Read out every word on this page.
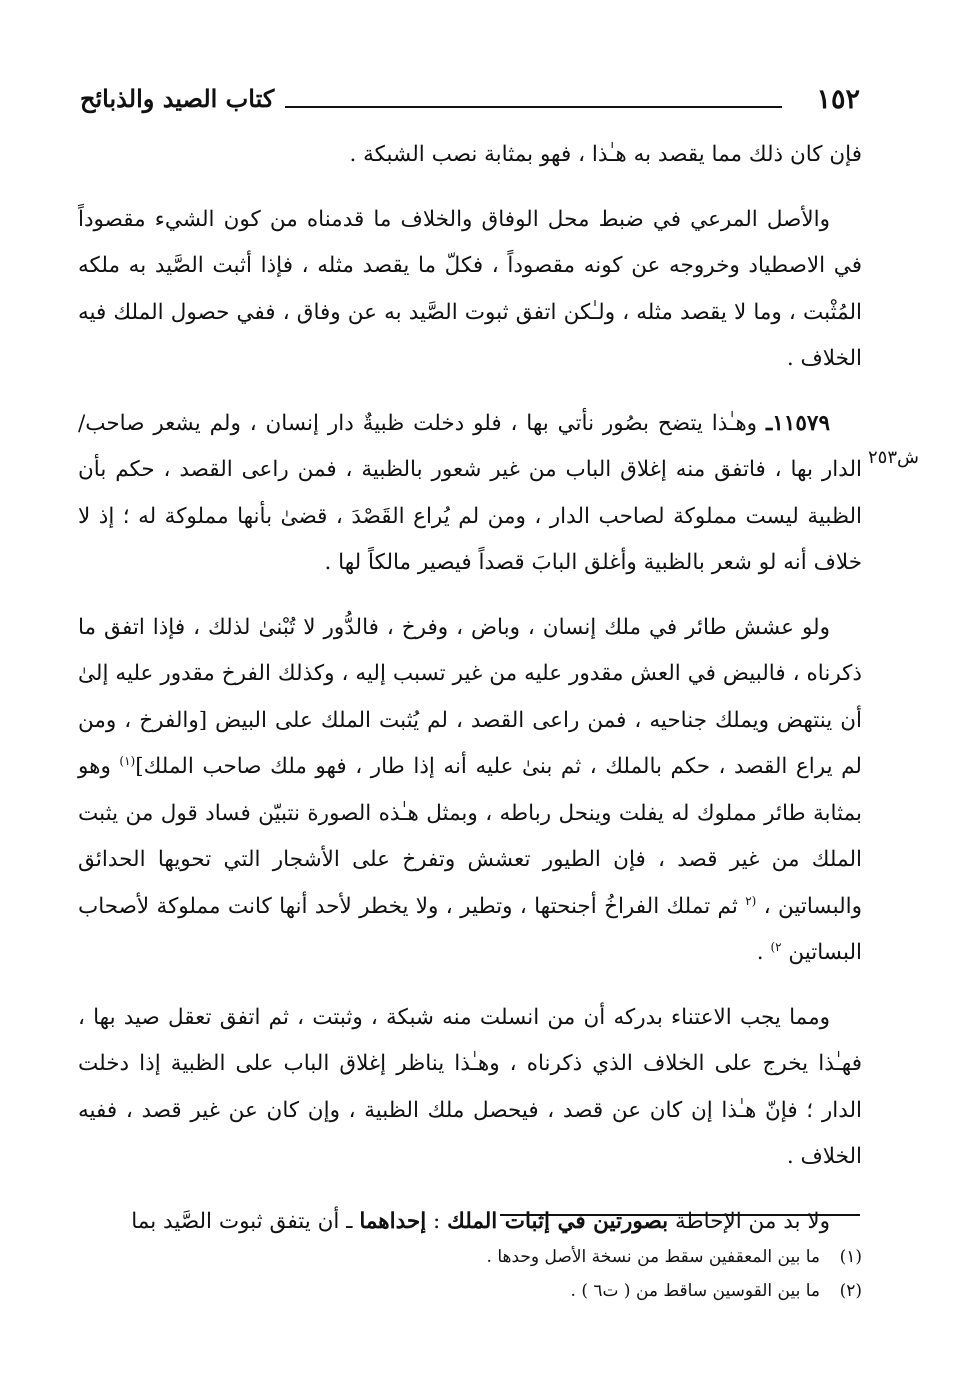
١٥٢
كتاب الصيد والذبائح
ش٢٥٣

فإن كان ذلك مما يقصد به هـٰذا ، فهو بمثابة نصب الشبكة .

والأصل المرعي في ضبط محل الوفاق والخلاف ما قدمناه من كون الشيء مقصوداً في الاصطياد وخروجه عن كونه مقصوداً ، فكلّ ما يقصد مثله ، فإذا أثبت الصَّيد به ملكه المُثْبت ، وما لا يقصد مثله ، ولـٰكن اتفق ثبوت الصَّيد به عن وفاق ، ففي حصول الملك فيه الخلاف .

١١٥٧٩ـ وهـٰذا يتضح بصُور نأتي بها ، فلو دخلت ظبيةٌ دار إنسان ، ولم يشعر صاحب/ الدار بها ، فاتفق منه إغلاق الباب من غير شعور بالظبية ، فمن راعى القصد ، حكم بأن الظبية ليست مملوكة لصاحب الدار ، ومن لم يُراع القَصْدَ ، قضىٰ بأنها مملوكة له ؛ إذ لا خلاف أنه لو شعر بالظبية وأغلق البابَ قصداً فيصير مالكاً لها .

ولو عشش طائر في ملك إنسان ، وباض ، وفرخ ، فالدُّور لا تُبْنىٰ لذلك ، فإذا اتفق ما ذكرناه ، فالبيض في العش مقدور عليه من غير تسبب إليه ، وكذلك الفرخ مقدور عليه إلىٰ أن ينتهض ويملك جناحيه ، فمن راعى القصد ، لم يُثبت الملك على البيض [والفرخ ، ومن لم يراع القصد ، حكم بالملك ، ثم بنىٰ عليه أنه إذا طار ، فهو ملك صاحب الملك]$^{(١)}$ وهو بمثابة طائر مملوك له يفلت وينحل رباطه ، وبمثل هـٰذه الصورة نتبيّن فساد قول من يثبت الملك من غير قصد ، فإن الطيور تعشش وتفرخ على الأشجار التي تحويها الحدائق والبساتين ، $^{(٢}$ ثم تملك الفراخُ أجنحتها ، وتطير ، ولا يخطر لأحد أنها كانت مملوكة لأصحاب البساتين $^{٢)}$ .

ومما يجب الاعتناء بدركه أن من انسلت منه شبكة ، وثبتت ، ثم اتفق تعقل صيد بها ، فهـٰذا يخرج على الخلاف الذي ذكرناه ، وهـٰذا يناظر إغلاق الباب على الظبية إذا دخلت الدار ؛ فإنّ هـٰذا إن كان عن قصد ، فيحصل ملك الظبية ، وإن كان عن غير قصد ، ففيه الخلاف .

ولا بد من الإحاطة بصورتين في إثبات الملك : إحداهما ـ أن يتفق ثبوت الصَّيد بما

(١)ما بين المعقفين سقط من نسخة الأصل وحدها .
(٢)ما بين القوسين ساقط من ( ت٦ ) .
